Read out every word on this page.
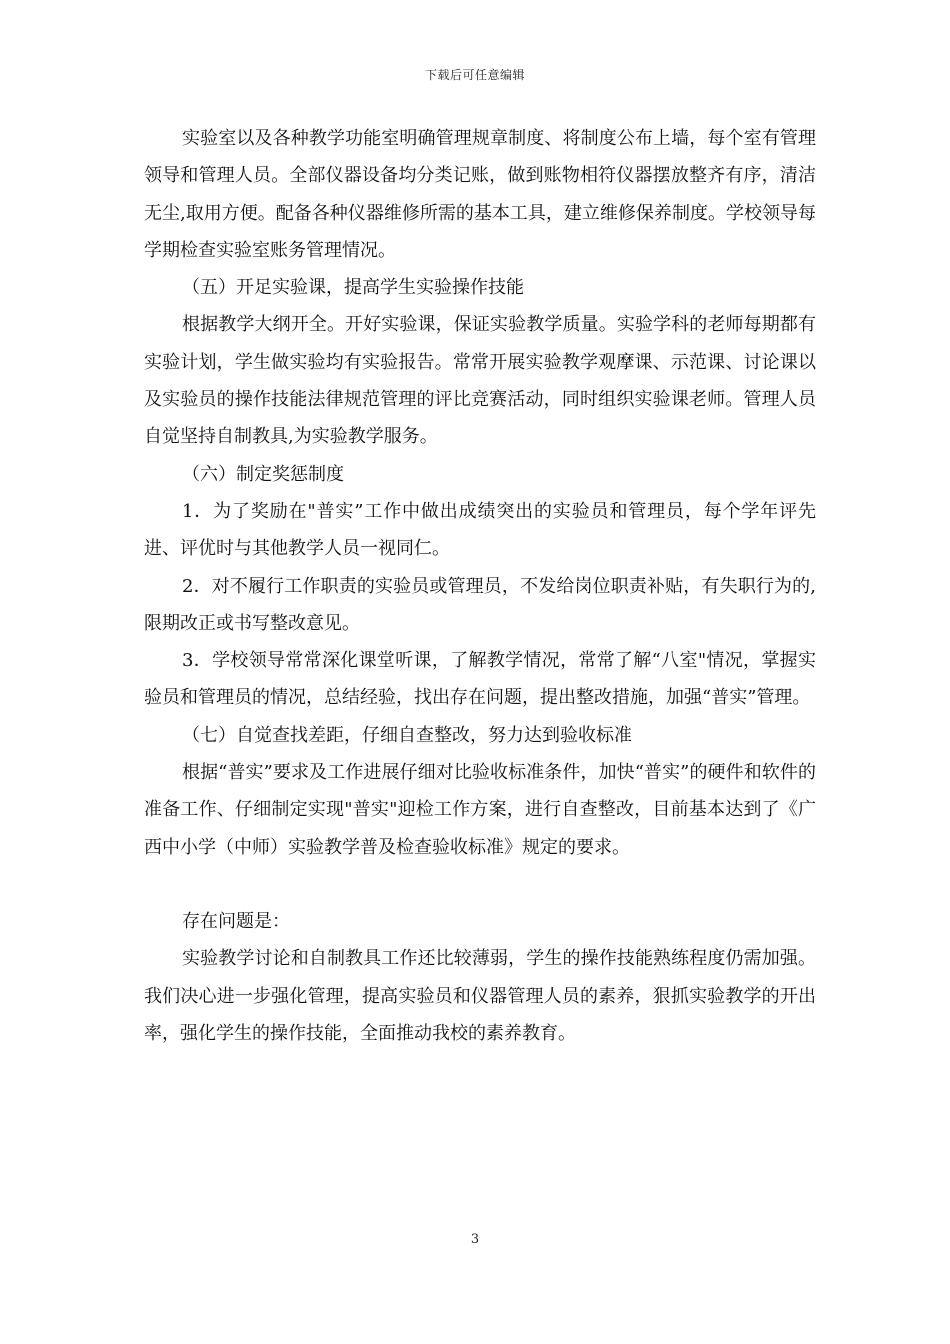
下载后可任意编辑

实验室以及各种教学功能室明确管理规章制度、将制度公布上墙，每个室有管理领导和管理人员。全部仪器设备均分类记账，做到账物相符仪器摆放整齐有序，清洁无尘,取用方便。配备各种仪器维修所需的基本工具，建立维修保养制度。学校领导每学期检查实验室账务管理情况。

（五）开足实验课，提高学生实验操作技能

根据教学大纲开全。开好实验课，保证实验教学质量。实验学科的老师每期都有实验计划，学生做实验均有实验报告。常常开展实验教学观摩课、示范课、讨论课以及实验员的操作技能法律规范管理的评比竞赛活动，同时组织实验课老师。管理人员自觉坚持自制教具,为实验教学服务。

（六）制定奖惩制度

1．为了奖励在"普实”工作中做出成绩突出的实验员和管理员，每个学年评先进、评优时与其他教学人员一视同仁。

2．对不履行工作职责的实验员或管理员，不发给岗位职责补贴，有失职行为的,限期改正或书写整改意见。

3．学校领导常常深化课堂听课，了解教学情况，常常了解“八室"情况，掌握实验员和管理员的情况，总结经验，找出存在问题，提出整改措施，加强“普实”管理。

（七）自觉查找差距，仔细自查整改，努力达到验收标准

根据“普实”要求及工作进展仔细对比验收标准条件，加快“普实”的硬件和软件的准备工作、仔细制定实现"普实"迎检工作方案，进行自查整改，目前基本达到了《广西中小学（中师）实验教学普及检查验收标准》规定的要求。

存在问题是：

实验教学讨论和自制教具工作还比较薄弱，学生的操作技能熟练程度仍需加强。我们决心进一步强化管理，提高实验员和仪器管理人员的素养，狠抓实验教学的开出率，强化学生的操作技能，全面推动我校的素养教育。

3
